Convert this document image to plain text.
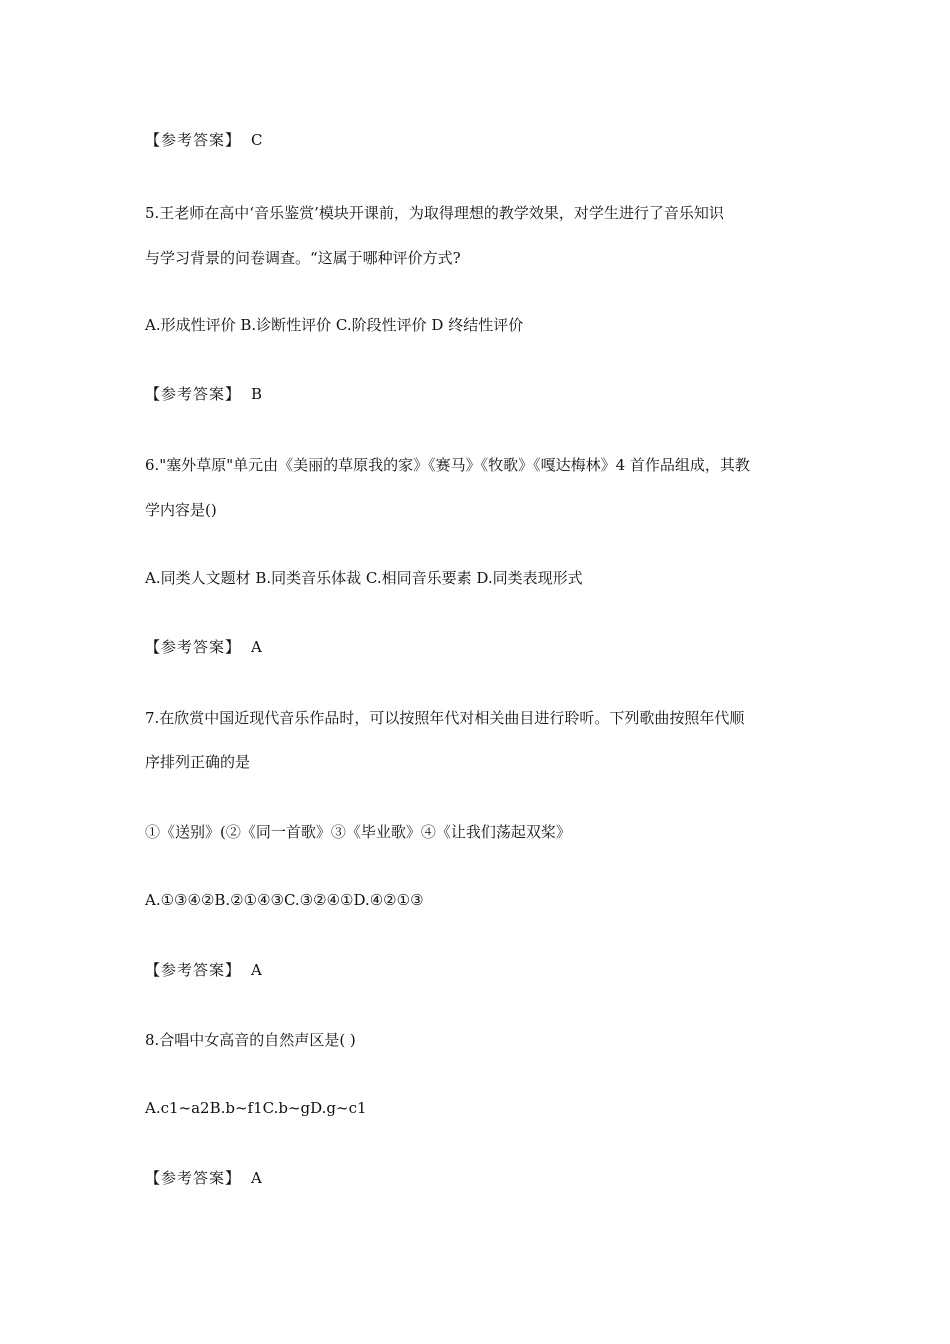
【参考答案】 C
5.王老师在高中‘音乐鉴赏’模块开课前，为取得理想的教学效果，对学生进行了音乐知识
与学习背景的问卷调查。“这属于哪种评价方式?
A.形成性评价 B.诊断性评价 C.阶段性评价 D 终结性评价
【参考答案】 B
6."塞外草原"单元由《美丽的草原我的家》《赛马》《牧歌》《嘎达梅林》4 首作品组成，其教
学内容是()
A.同类人文题材 B.同类音乐体裁 C.相同音乐要素 D.同类表现形式
【参考答案】 A
7.在欣赏中国近现代音乐作品时，可以按照年代对相关曲目进行聆听。下列歌曲按照年代顺
序排列正确的是
①《送别》(②《同一首歌》③《毕业歌》④《让我们荡起双桨》
A.①③④②B.②①④③C.③②④①D.④②①③
【参考答案】 A
8.合唱中女高音的自然声区是( )
A.c1~a2B.b~f1C.b~gD.g~c1
【参考答案】 A
